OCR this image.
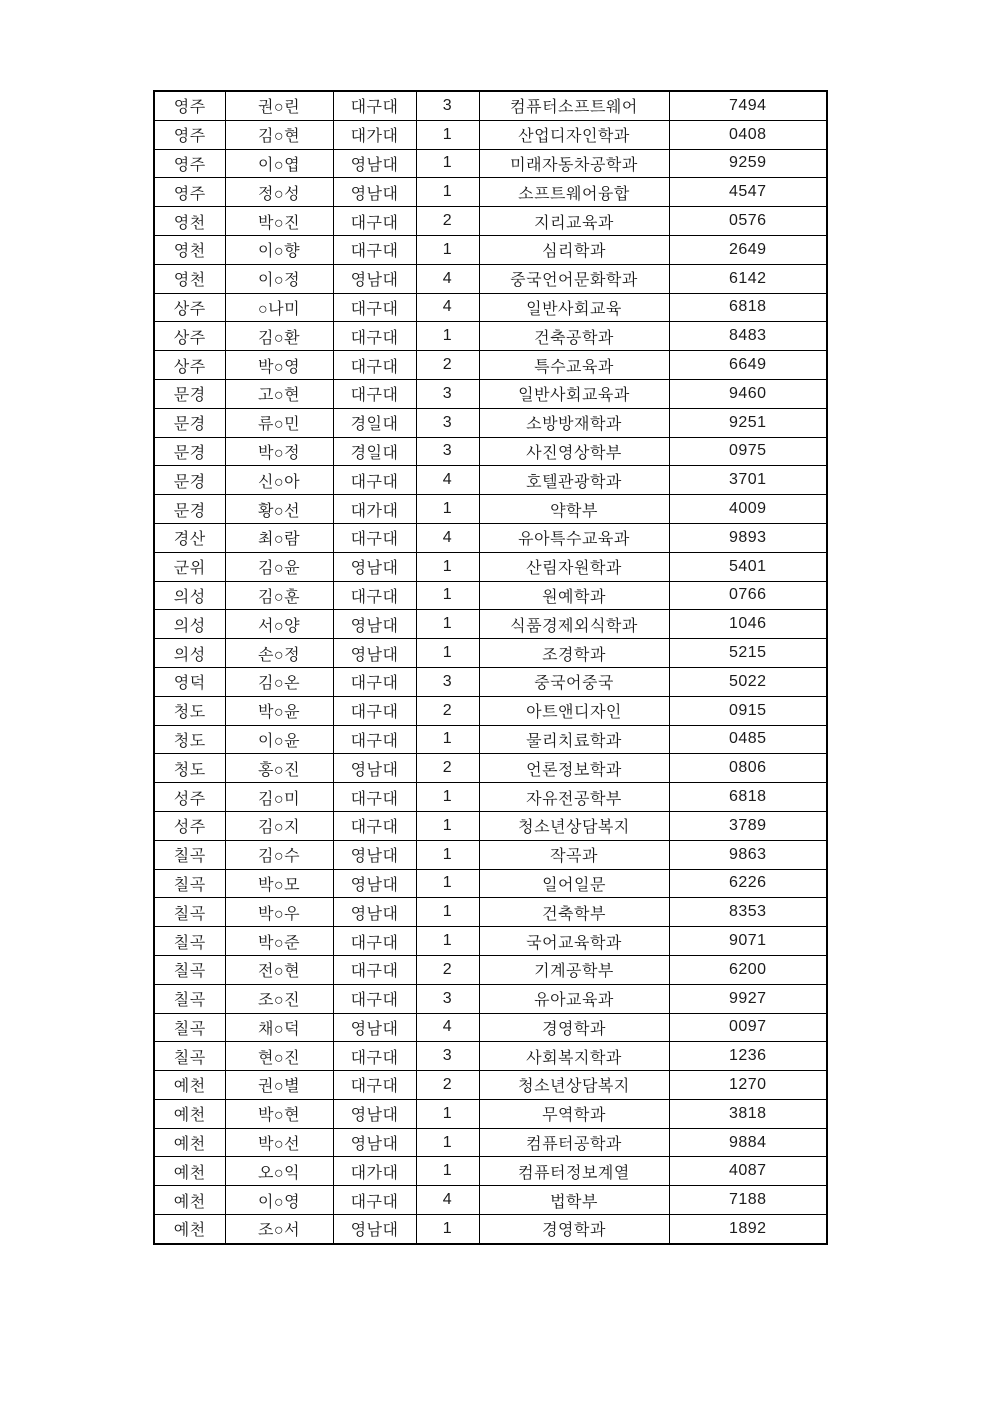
영주	권○린	대구대	3	컴퓨터소프트웨어	7494
영주	김○현	대가대	1	산업디자인학과	0408
영주	이○엽	영남대	1	미래자동차공학과	9259
영주	정○성	영남대	1	소프트웨어융합	4547
영천	박○진	대구대	2	지리교육과	0576
영천	이○향	대구대	1	심리학과	2649
영천	이○정	영남대	4	중국언어문화학과	6142
상주	○나미	대구대	4	일반사회교육	6818
상주	김○환	대구대	1	건축공학과	8483
상주	박○영	대구대	2	특수교육과	6649
문경	고○현	대구대	3	일반사회교육과	9460
문경	류○민	경일대	3	소방방재학과	9251
문경	박○정	경일대	3	사진영상학부	0975
문경	신○아	대구대	4	호텔관광학과	3701
문경	황○선	대가대	1	약학부	4009
경산	최○람	대구대	4	유아특수교육과	9893
군위	김○윤	영남대	1	산림자원학과	5401
의성	김○훈	대구대	1	원예학과	0766
의성	서○양	영남대	1	식품경제외식학과	1046
의성	손○정	영남대	1	조경학과	5215
영덕	김○온	대구대	3	중국어중국	5022
청도	박○윤	대구대	2	아트앤디자인	0915
청도	이○윤	대구대	1	물리치료학과	0485
청도	홍○진	영남대	2	언론정보학과	0806
성주	김○미	대구대	1	자유전공학부	6818
성주	김○지	대구대	1	청소년상담복지	3789
칠곡	김○수	영남대	1	작곡과	9863
칠곡	박○모	영남대	1	일어일문	6226
칠곡	박○우	영남대	1	건축학부	8353
칠곡	박○준	대구대	1	국어교육학과	9071
칠곡	전○현	대구대	2	기계공학부	6200
칠곡	조○진	대구대	3	유아교육과	9927
칠곡	채○덕	영남대	4	경영학과	0097
칠곡	현○진	대구대	3	사회복지학과	1236
예천	권○별	대구대	2	청소년상담복지	1270
예천	박○현	영남대	1	무역학과	3818
예천	박○선	영남대	1	컴퓨터공학과	9884
예천	오○익	대가대	1	컴퓨터정보계열	4087
예천	이○영	대구대	4	법학부	7188
예천	조○서	영남대	1	경영학과	1892
